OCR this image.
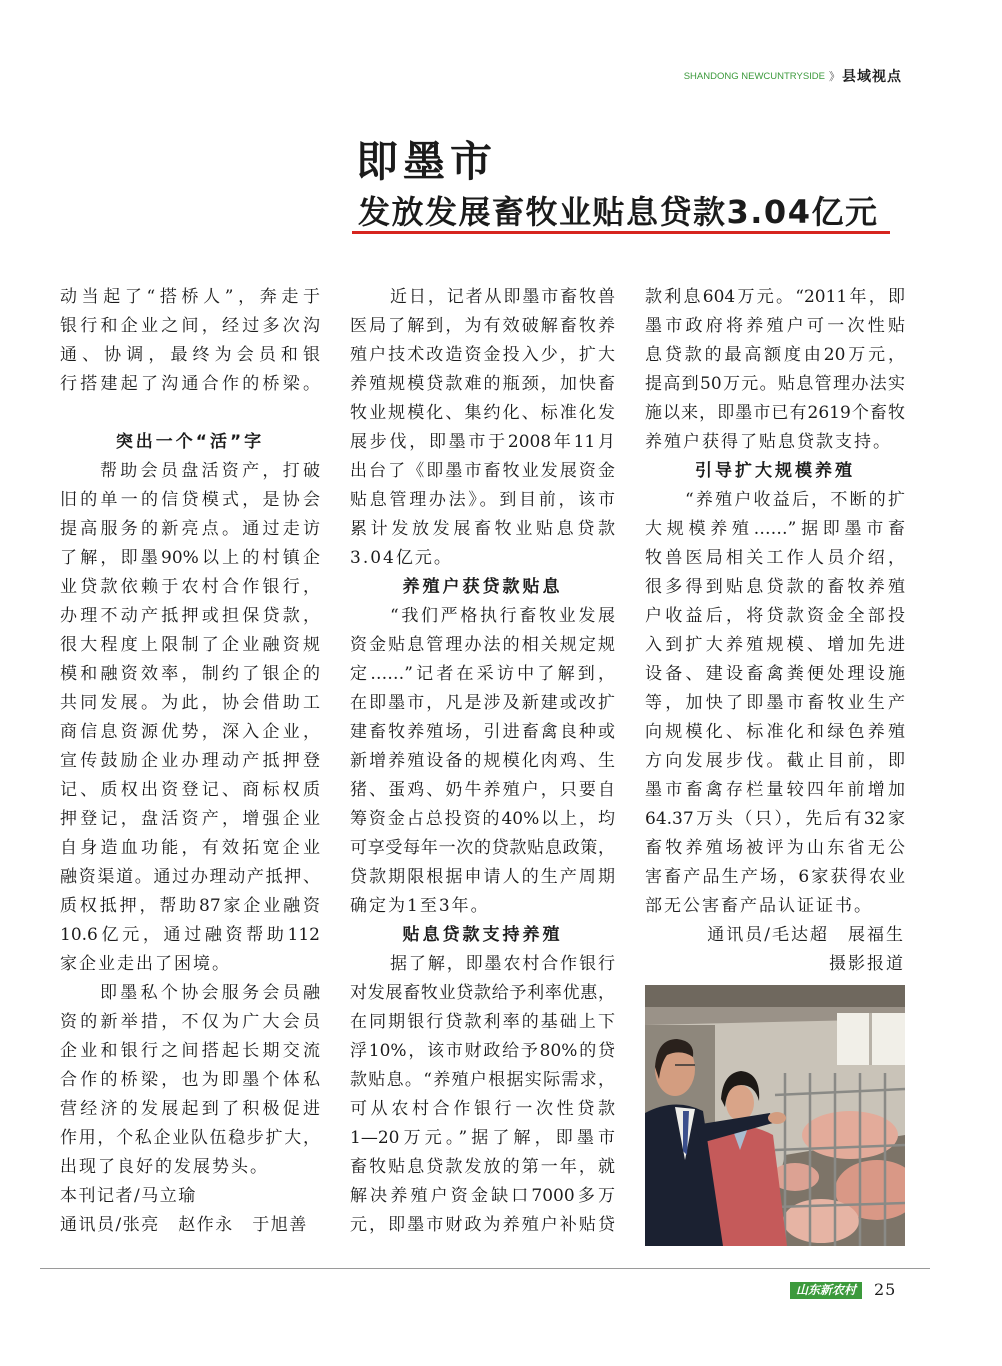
SHANDONG NEWCUNTRYSIDE 》 县域视点
即墨市
发放发展畜牧业贴息贷款3.04亿元
动当起了“搭桥人”，奔走于
银行和企业之间，经过多次沟
通、协调，最终为会员和银
行搭建起了沟通合作的桥梁。
突出一个“活”字
帮助会员盘活资产，打破
旧的单一的信贷模式，是协会
提高服务的新亮点。通过走访
了解，即墨90%以上的村镇企
业贷款依赖于农村合作银行，
办理不动产抵押或担保贷款，
很大程度上限制了企业融资规
模和融资效率，制约了银企的
共同发展。为此，协会借助工
商信息资源优势，深入企业，
宣传鼓励企业办理动产抵押登
记、质权出资登记、商标权质
押登记，盘活资产，增强企业
自身造血功能，有效拓宽企业
融资渠道。通过办理动产抵押、
质权抵押，帮助87家企业融资
10.6亿元，通过融资帮助112
家企业走出了困境。
即墨私个协会服务会员融
资的新举措，不仅为广大会员
企业和银行之间搭起长期交流
合作的桥梁，也为即墨个体私
营经济的发展起到了积极促进
作用，个私企业队伍稳步扩大，
出现了良好的发展势头。
本刊记者/马立瑜
通讯员/张亮　赵作永　于旭善
近日，记者从即墨市畜牧兽
医局了解到，为有效破解畜牧养
殖户技术改造资金投入少，扩大
养殖规模贷款难的瓶颈，加快畜
牧业规模化、集约化、标准化发
展步伐，即墨市于2008年11月
出台了《即墨市畜牧业发展资金
贴息管理办法》。到目前，该市
累计发放发展畜牧业贴息贷款
3.04亿元。
养殖户获贷款贴息
“我们严格执行畜牧业发展
资金贴息管理办法的相关规定规
定……”记者在采访中了解到，
在即墨市，凡是涉及新建或改扩
建畜牧养殖场，引进畜禽良种或
新增养殖设备的规模化肉鸡、生
猪、蛋鸡、奶牛养殖户，只要自
筹资金占总投资的40%以上，均
可享受每年一次的贷款贴息政策，
贷款期限根据申请人的生产周期
确定为1至3年。
贴息贷款支持养殖
据了解，即墨农村合作银行
对发展畜牧业贷款给予利率优惠，
在同期银行贷款利率的基础上下
浮10%，该市财政给予80%的贷
款贴息。“养殖户根据实际需求，
可从农村合作银行一次性贷款
1—20万元。”据了解，即墨市
畜牧贴息贷款发放的第一年，就
解决养殖户资金缺口7000多万
元，即墨市财政为养殖户补贴贷
款利息604万元。“2011年，即
墨市政府将养殖户可一次性贴
息贷款的最高额度由20万元，
提高到50万元。贴息管理办法实
施以来，即墨市已有2619个畜牧
养殖户获得了贴息贷款支持。
引导扩大规模养殖
“养殖户收益后，不断的扩
大规模养殖……”据即墨市畜
牧兽医局相关工作人员介绍，
很多得到贴息贷款的畜牧养殖
户收益后，将贷款资金全部投
入到扩大养殖规模、增加先进
设备、建设畜禽粪便处理设施
等，加快了即墨市畜牧业生产
向规模化、标准化和绿色养殖
方向发展步伐。截止目前，即
墨市畜禽存栏量较四年前增加
64.37万头（只），先后有32家
畜牧养殖场被评为山东省无公
害畜产品生产场，6家获得农业
部无公害畜产品认证证书。
通讯员/毛达超　展福生
摄影报道
山东新农村	25
